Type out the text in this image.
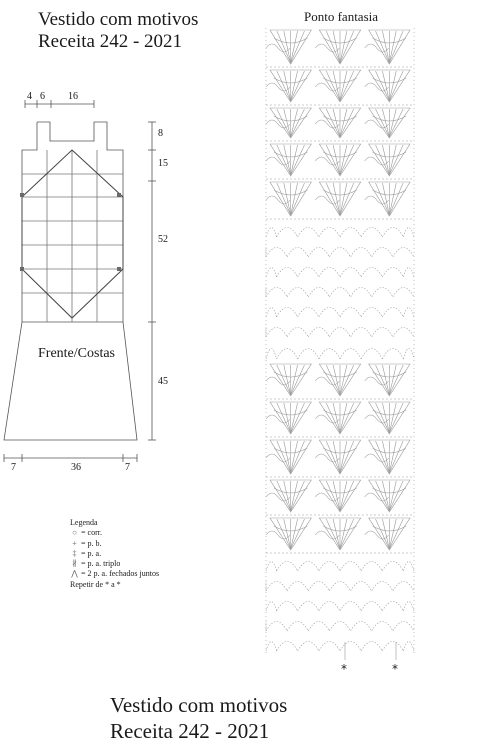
Vestido com motivos
Receita 242 - 2021
Ponto fantasia
4 6 16
8
15
52
45
7	36	7
Frente/Costas
Legenda
○ = corr.
+ = p. b.
‡ = p. a.
∦ = p. a. triplo
⋀ = 2 p. a. fechados juntos
Repetir de * a *
*	*
Vestido com motivos
Receita 242 - 2021
